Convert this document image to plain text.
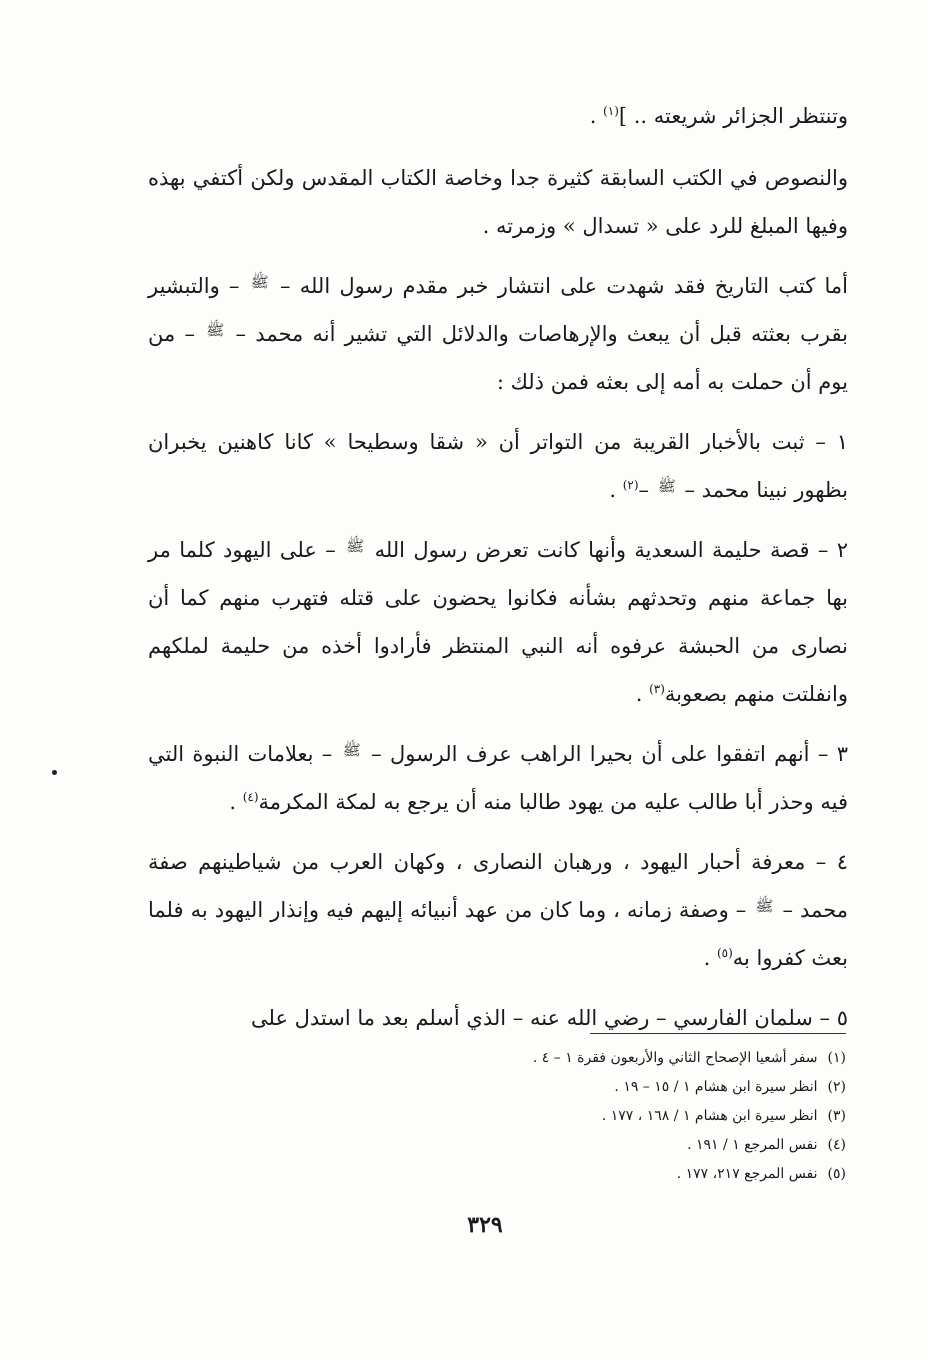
وتنتظر الجزائر شريعته .. ]$^{(١)}$ .

والنصوص في الكتب السابقة كثيرة جدا وخاصة الكتاب المقدس ولكن أكتفي بهذه وفيها المبلغ للرد على « تسدال » وزمرته .

أما كتب التاريخ فقد شهدت على انتشار خبر مقدم رسول الله – ﷺ – والتبشير بقرب بعثته قبل أن يبعث والإرهاصات والدلائل التي تشير أنه محمد – ﷺ – من يوم أن حملت به أمه إلى بعثه فمن ذلك :

١ – ثبت بالأخبار القريبة من التواتر أن « شقا وسطيحا » كانا كاهنين يخبران بظهور نبينا محمد – ﷺ –$^{(٢)}$ .

٢ – قصة حليمة السعدية وأنها كانت تعرض رسول الله ﷺ – على اليهود كلما مر بها جماعة منهم وتحدثهم بشأنه فكانوا يحضون على قتله فتهرب منهم كما أن نصارى من الحبشة عرفوه أنه النبي المنتظر فأرادوا أخذه من حليمة لملكهم وانفلتت منهم بصعوبة$^{(٣)}$ .

٣ – أنهم اتفقوا على أن بحيرا الراهب عرف الرسول – ﷺ – بعلامات النبوة التي فيه وحذر أبا طالب عليه من يهود طالبا منه أن يرجع به لمكة المكرمة$^{(٤)}$ .

٤ – معرفة أحبار اليهود ، ورهبان النصارى ، وكهان العرب من شياطينهم صفة محمد – ﷺ – وصفة زمانه ، وما كان من عهد أنبيائه إليهم فيه وإنذار اليهود به فلما بعث كفروا به$^{(٥)}$ .

٥ – سلمان الفارسي – رضي الله عنه – الذي أسلم بعد ما استدل على

(١)سفر أشعيا الإصحاح الثاني والأربعون فقرة ١ – ٤ .
(٢)انظر سيرة ابن هشام ١ / ١٥ – ١٩ .
(٣)انظر سيرة ابن هشام ١ / ١٦٨ ، ١٧٧ .
(٤)نفس المرجع ١ / ١٩١ .
(٥)نفس المرجع ٢١٧، ١٧٧ .
٣٢٩
